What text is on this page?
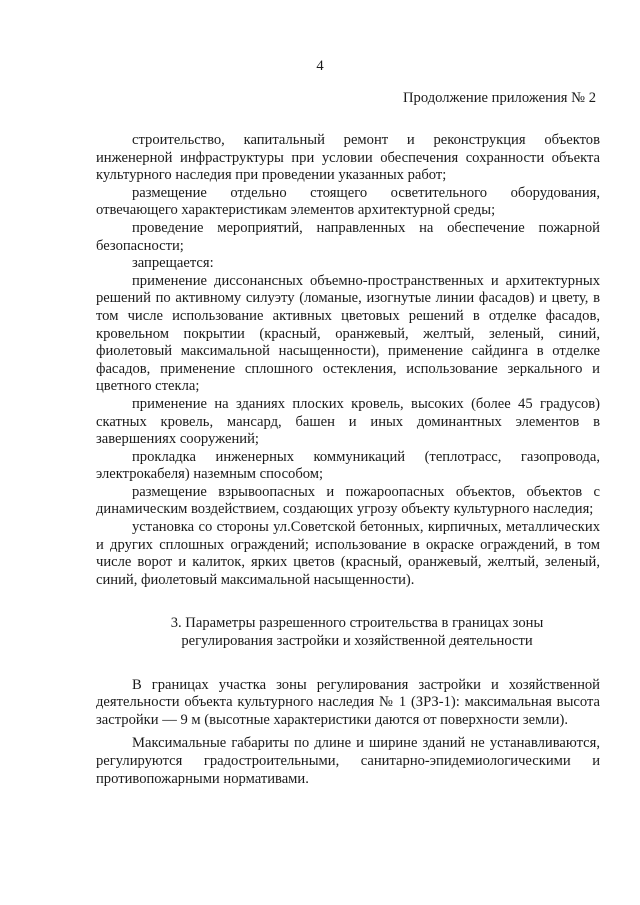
4
Продолжение приложения № 2

строительство, капитальный ремонт и реконструкция объектов инженерной инфраструктуры при условии обеспечения сохранности объекта культурного наследия при проведении указанных работ;

размещение отдельно стоящего осветительного оборудования, отвечающего характеристикам элементов архитектурной среды;

проведение мероприятий, направленных на обеспечение пожарной безопасности;

запрещается:

применение диссонансных объемно-пространственных и архитектурных решений по активному силуэту (ломаные, изогнутые линии фасадов) и цвету, в том числе использование активных цветовых решений в отделке фасадов, кровельном покрытии (красный, оранжевый, желтый, зеленый, синий, фиолетовый максимальной насыщенности), применение сайдинга в отделке фасадов, применение сплошного остекления, использование зеркального и цветного стекла;

применение на зданиях плоских кровель, высоких (более 45 градусов) скатных кровель, мансард, башен и иных доминантных элементов в завершениях сооружений;

прокладка инженерных коммуникаций (теплотрасс, газопровода, электрокабеля) наземным способом;

размещение взрывоопасных и пожароопасных объектов, объектов с динамическим воздействием, создающих угрозу объекту культурного наследия;

установка со стороны ул.Советской бетонных, кирпичных, металлических и других сплошных ограждений; использование в окраске ограждений, в том числе ворот и калиток, ярких цветов (красный, оранжевый, желтый, зеленый, синий, фиолетовый максимальной насыщенности).

3. Параметры разрешенного строительства в границах зоны
регулирования застройки и хозяйственной деятельности

В границах участка зоны регулирования застройки и хозяйственной деятельности объекта культурного наследия № 1 (ЗРЗ-1): максимальная высота застройки — 9 м (высотные характеристики даются от поверхности земли).

Максимальные габариты по длине и ширине зданий не устанавливаются, регулируются градостроительными, санитарно-эпидемиологическими и противопожарными нормативами.
